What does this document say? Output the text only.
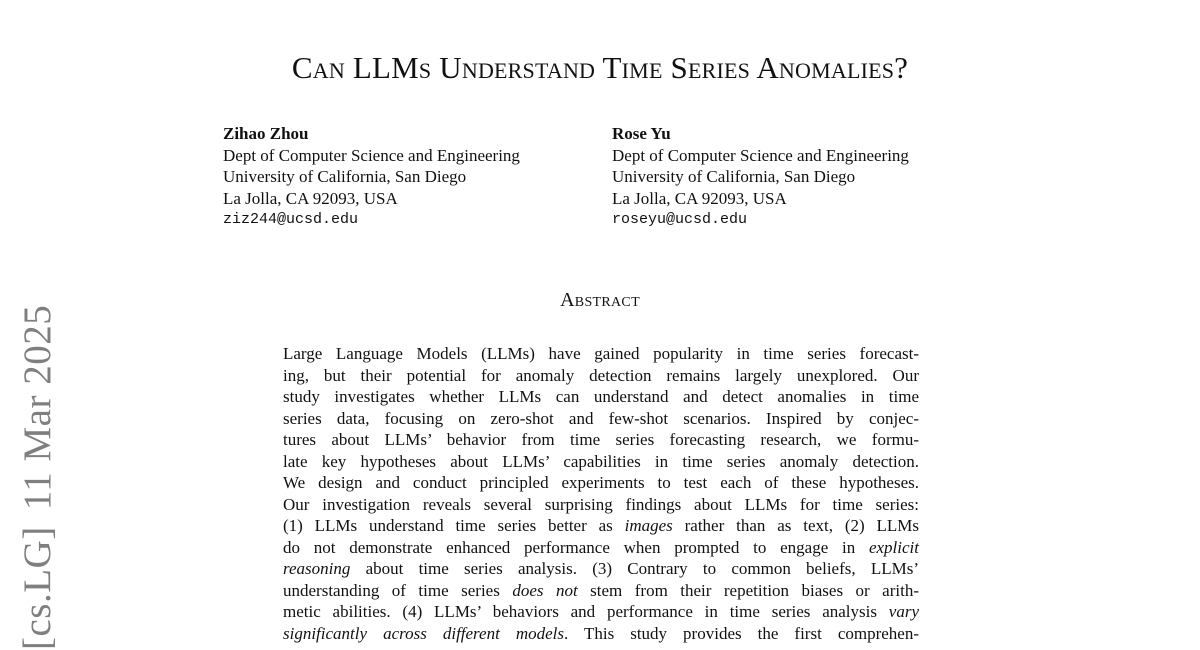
[cs.LG]11 Mar 2025
Can LLMs Understand Time Series Anomalies?
Zihao Zhou
Dept of Computer Science and Engineering
University of California, San Diego
La Jolla, CA 92093, USA
ziz244@ucsd.edu
Rose Yu
Dept of Computer Science and Engineering
University of California, San Diego
La Jolla, CA 92093, USA
roseyu@ucsd.edu
Abstract
Large Language Models (LLMs) have gained popularity in time series forecast-
ing, but their potential for anomaly detection remains largely unexplored. Our
study investigates whether LLMs can understand and detect anomalies in time
series data, focusing on zero-shot and few-shot scenarios. Inspired by conjec-
tures about LLMs’ behavior from time series forecasting research, we formu-
late key hypotheses about LLMs’ capabilities in time series anomaly detection.
We design and conduct principled experiments to test each of these hypotheses.
Our investigation reveals several surprising findings about LLMs for time series:
(1) LLMs understand time series better as images rather than as text, (2) LLMs
do not demonstrate enhanced performance when prompted to engage in explicit
reasoning about time series analysis. (3) Contrary to common beliefs, LLMs’
understanding of time series does not stem from their repetition biases or arith-
metic abilities. (4) LLMs’ behaviors and performance in time series analysis vary
significantly across different models. This study provides the first comprehen-
